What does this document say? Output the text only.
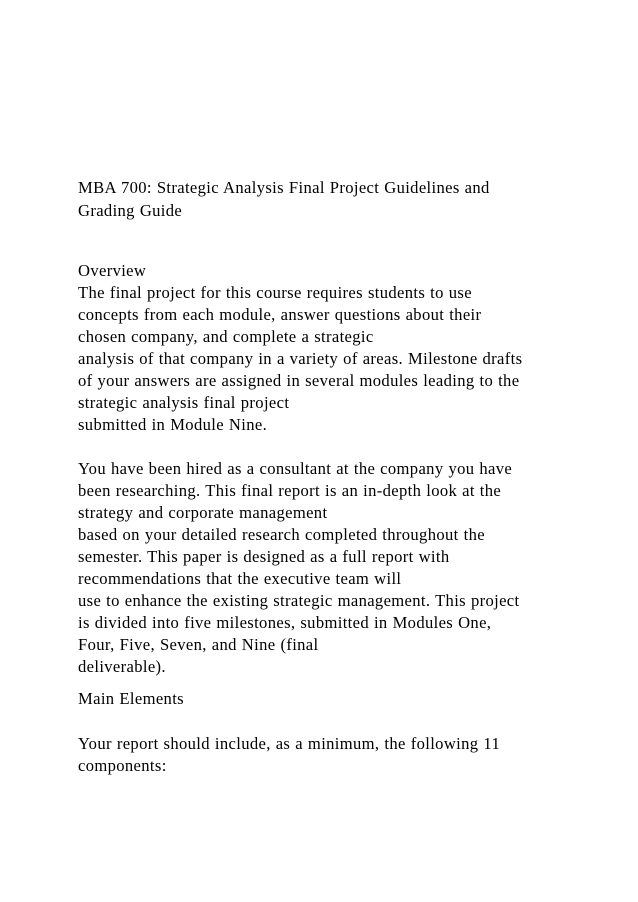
MBA 700: Strategic Analysis Final Project Guidelines and
Grading Guide
Overview
The final project for this course requires students to use
concepts from each module, answer questions about their
chosen company, and complete a strategic
analysis of that company in a variety of areas. Milestone drafts
of your answers are assigned in several modules leading to the
strategic analysis final project
submitted in Module Nine.
You have been hired as a consultant at the company you have
been researching. This final report is an in-depth look at the
strategy and corporate management
based on your detailed research completed throughout the
semester. This paper is designed as a full report with
recommendations that the executive team will
use to enhance the existing strategic management. This project
is divided into five milestones, submitted in Modules One,
Four, Five, Seven, and Nine (final
deliverable).
Main Elements
Your report should include, as a minimum, the following 11
components:
